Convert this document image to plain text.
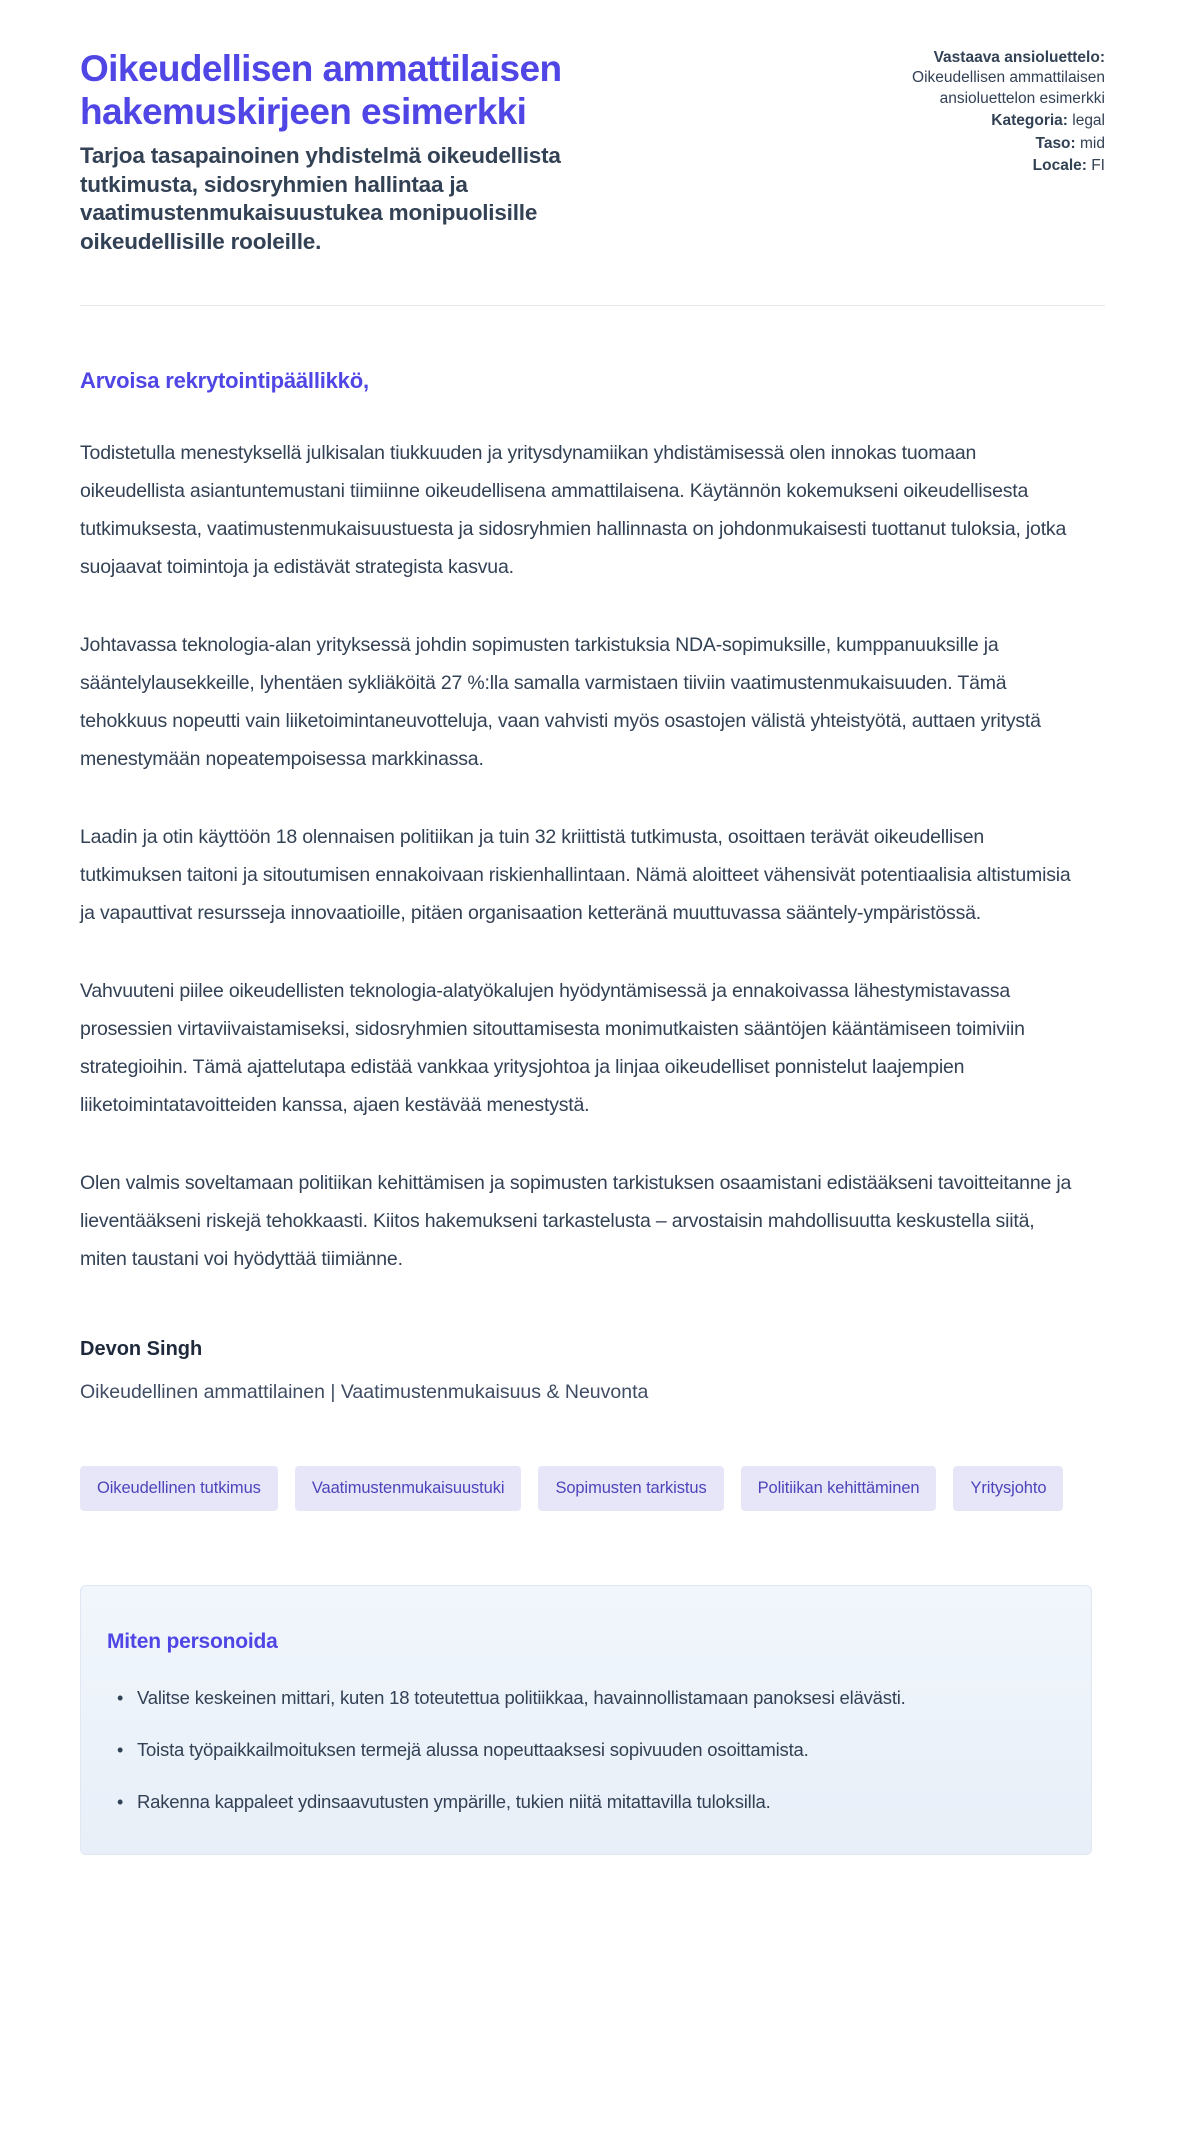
Oikeudellisen ammattilaisen hakemuskirjeen esimerkki

Tarjoa tasapainoinen yhdistelmä oikeudellista tutkimusta, sidosryhmien hallintaa ja vaatimustenmukaisuustukea monipuolisille oikeudellisille rooleille.

Vastaava ansioluettelo: Oikeudellisen ammattilaisen ansioluettelon esimerkki
Kategoria: legal
Taso: mid
Locale: FI

Arvoisa rekrytointipäällikkö,

Todistetulla menestyksellä julkisalan tiukkuuden ja yritysdynamiikan yhdistämisessä olen innokas tuomaan oikeudellista asiantuntemustani tiimiinne oikeudellisena ammattilaisena. Käytännön kokemukseni oikeudellisesta tutkimuksesta, vaatimustenmukaisuustuesta ja sidosryhmien hallinnasta on johdonmukaisesti tuottanut tuloksia, jotka suojaavat toimintoja ja edistävät strategista kasvua.

Johtavassa teknologia-alan yrityksessä johdin sopimusten tarkistuksia NDA-sopimuksille, kumppanuuksille ja sääntelylausekkeille, lyhentäen sykliäköitä 27 %:lla samalla varmistaen tiiviin vaatimustenmukaisuuden. Tämä tehokkuus nopeutti vain liiketoimintaneuvotteluja, vaan vahvisti myös osastojen välistä yhteistyötä, auttaen yritystä menestymään nopeatempoisessa markkinassa.

Laadin ja otin käyttöön 18 olennaisen politiikan ja tuin 32 kriittistä tutkimusta, osoittaen terävät oikeudellisen tutkimuksen taitoni ja sitoutumisen ennakoivaan riskienhallintaan. Nämä aloitteet vähensivät potentiaalisia altistumisia ja vapauttivat resursseja innovaatioille, pitäen organisaation ketteränä muuttuvassa sääntely-ympäristössä.

Vahvuuteni piilee oikeudellisten teknologia-alatyökalujen hyödyntämisessä ja ennakoivassa lähestymistavassa prosessien virtaviivaistamiseksi, sidosryhmien sitouttamisesta monimutkaisten sääntöjen kääntämiseen toimiviin strategioihin. Tämä ajattelutapa edistää vankkaa yritysjohtoa ja linjaa oikeudelliset ponnistelut laajempien liiketoimintatavoitteiden kanssa, ajaen kestävää menestystä.

Olen valmis soveltamaan politiikan kehittämisen ja sopimusten tarkistuksen osaamistani edistääkseni tavoitteitanne ja lieventääkseni riskejä tehokkaasti. Kiitos hakemukseni tarkastelusta – arvostaisin mahdollisuutta keskustella siitä, miten taustani voi hyödyttää tiimiänne.

Devon Singh

Oikeudellinen ammattilainen | Vaatimustenmukaisuus & Neuvonta

Oikeudellinen tutkimus	Vaatimustenmukaisuustuki	Sopimusten tarkistus	Politiikan kehittäminen	Yritysjohto
Miten personoida
• Valitse keskeinen mittari, kuten 18 toteutettua politiikkaa, havainnollistamaan panoksesi elävästi.
• Toista työpaikkailmoituksen termejä alussa nopeuttaaksesi sopivuuden osoittamista.
• Rakenna kappaleet ydinsaavutusten ympärille, tukien niitä mitattavilla tuloksilla.
